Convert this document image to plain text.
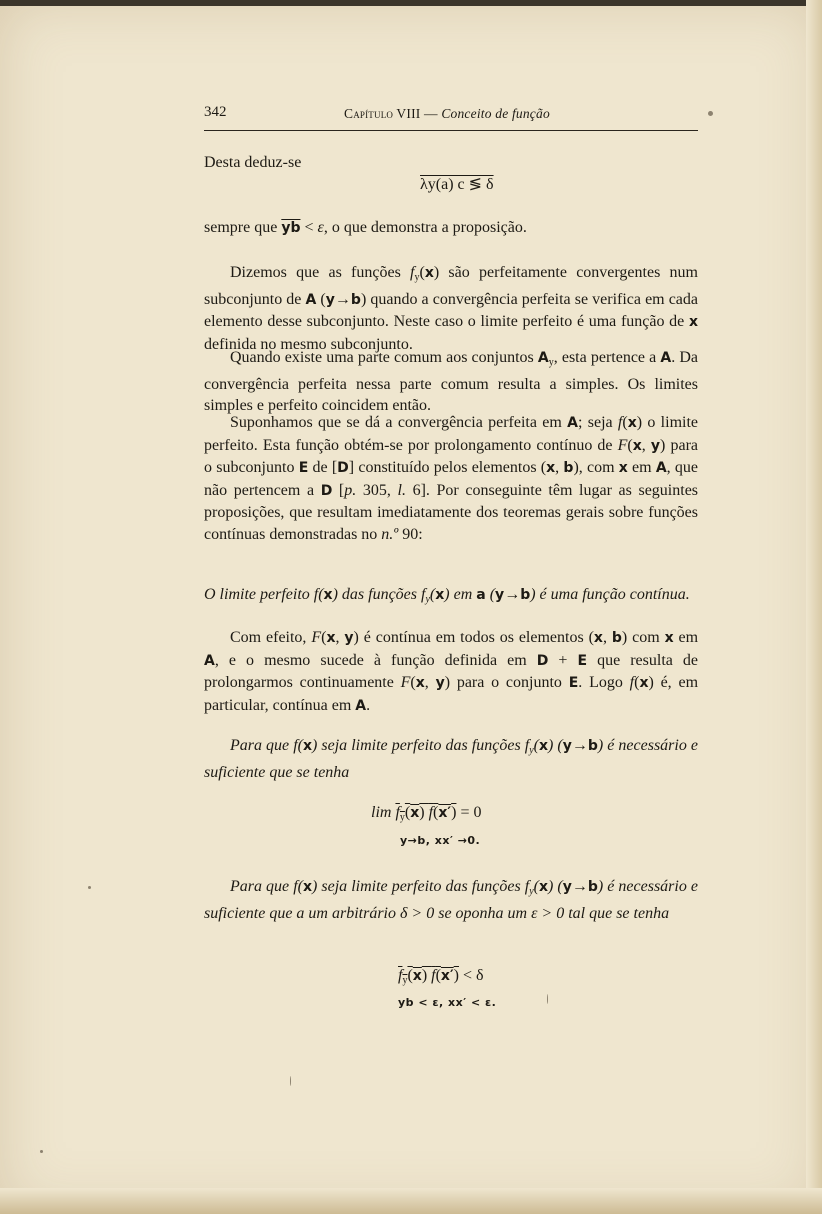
342	Capítulo VIII — Conceito de função

Desta deduz-se

λy(a) c ≶ δ

sempre que $\overline{yb} < \varepsilon$, o que demonstra a proposição.

Dizemos que as funções $f_y(x)$ são perfeitamente convergentes num subconjunto de A (y→b) quando a convergência perfeita se verifica em cada elemento desse subconjunto. Neste caso o limite perfeito é uma função de x definida no mesmo subconjunto.

Quando existe uma parte comum aos conjuntos $A_y$, esta pertence a A. Da convergência perfeita nessa parte comum resulta a simples. Os limites simples e perfeito coincidem então.

Suponhamos que se dá a convergência perfeita em A; seja f(x) o limite perfeito. Esta função obtém-se por prolongamento contínuo de F(x, y) para o subconjunto E de [D] constituído pelos elementos (x, b), com x em A, que não pertencem a D [p. 305, l. 6]. Por conseguinte têm lugar as seguintes proposições, que resultam imediatamente dos teoremas gerais sobre funções contínuas demonstradas no n.º 90:

O limite perfeito f(x) das funções $f_y(x)$ em a (y→b) é uma função contínua.

Com efeito, F(x, y) é contínua em todos os elementos (x, b) com x em A, e o mesmo sucede à função definida em D + E que resulta de prolongarmos continuamente F(x, y) para o conjunto E. Logo f(x) é, em particular, contínua em A.

Para que f(x) seja limite perfeito das funções $f_y(x)$ (y→b) é necessário e suficiente que se tenha

$\lim f_y(x) f(x') = 0$
y→b, xx′ →0.

Para que f(x) seja limite perfeito das funções $f_y(x)$ (y→b) é necessário e suficiente que a um arbitrário δ > 0 se oponha um ε > 0 tal que se tenha

$f_y(x) f(x') < \delta$
yb < ε, xx′ < ε.
